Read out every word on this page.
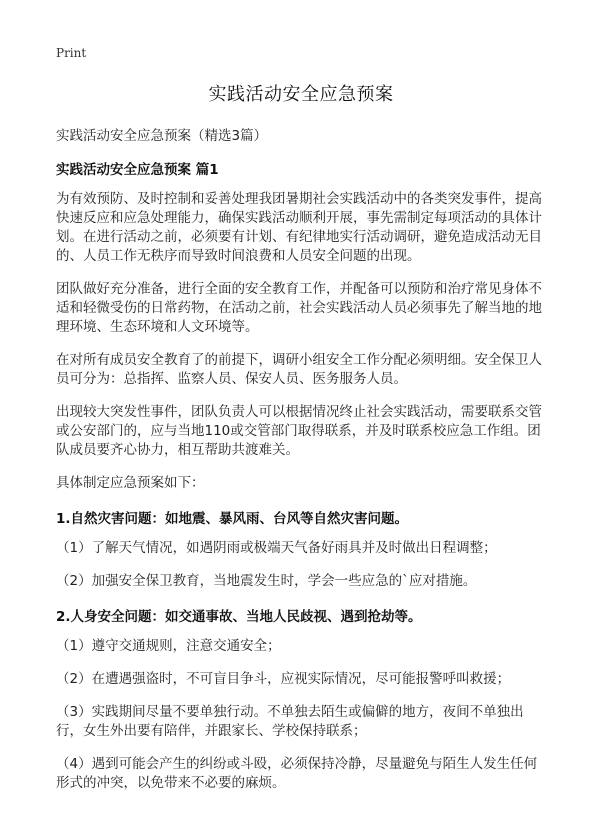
Print
实践活动安全应急预案
实践活动安全应急预案（精选3篇）
实践活动安全应急预案 篇1

为有效预防、及时控制和妥善处理我团暑期社会实践活动中的各类突发事件，提高快速反应和应急处理能力，确保实践活动顺利开展，事先需制定每项活动的具体计划。在进行活动之前，必须要有计划、有纪律地实行活动调研，避免造成活动无目的、人员工作无秩序而导致时间浪费和人员安全问题的出现。

团队做好充分准备，进行全面的安全教育工作，并配备可以预防和治疗常见身体不适和轻微受伤的日常药物，在活动之前，社会实践活动人员必须事先了解当地的地理环境、生态环境和人文环境等。

在对所有成员安全教育了的前提下，调研小组安全工作分配必须明细。安全保卫人员可分为：总指挥、监察人员、保安人员、医务服务人员。

出现较大突发性事件，团队负责人可以根据情况终止社会实践活动，需要联系交管或公安部门的，应与当地110或交管部门取得联系，并及时联系校应急工作组。团队成员要齐心协力，相互帮助共渡难关。

具体制定应急预案如下：

1.自然灾害问题：如地震、暴风雨、台风等自然灾害问题。

（1）了解天气情况，如遇阴雨或极端天气备好雨具并及时做出日程调整；

（2）加强安全保卫教育，当地震发生时，学会一些应急的`应对措施。

2.人身安全问题：如交通事故、当地人民歧视、遇到抢劫等。

（1）遵守交通规则，注意交通安全；

（2）在遭遇强盗时，不可盲目争斗，应视实际情况，尽可能报警呼叫救援；

（3）实践期间尽量不要单独行动。不单独去陌生或偏僻的地方，夜间不单独出行，女生外出要有陪伴，并跟家长、学校保持联系；

（4）遇到可能会产生的纠纷或斗殴，必须保持冷静，尽量避免与陌生人发生任何形式的冲突，以免带来不必要的麻烦。
